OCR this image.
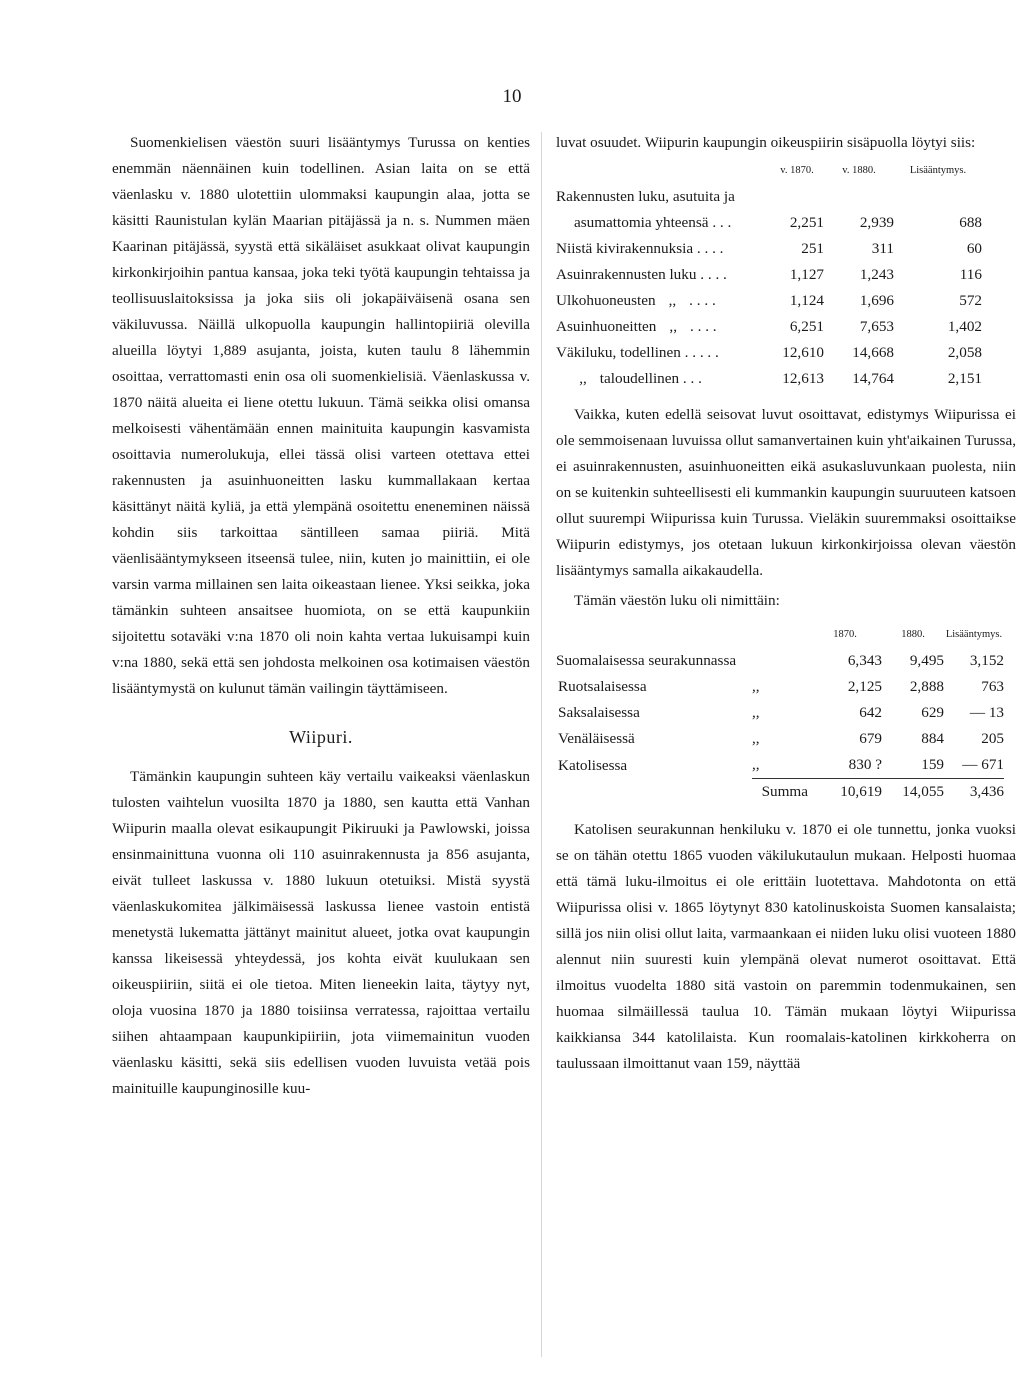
10

Suomenkielisen väestön suuri lisääntymys Turussa on kenties enemmän näennäinen kuin todellinen. Asian laita on se että väenlasku v. 1880 ulotettiin ulommaksi kaupungin alaa, jotta se käsitti Raunistulan kylän Maarian pitäjässä ja n. s. Nummen mäen Kaarinan pitäjässä, syystä että sikäläiset asukkaat olivat kaupungin kirkonkirjoihin pantua kansaa, joka teki työtä kaupungin tehtaissa ja teollisuuslaitoksissa ja joka siis oli jokapäiväisenä osana sen väkiluvussa. Näillä ulkopuolla kaupungin hallintopiiriä olevilla alueilla löytyi 1,889 asujanta, joista, kuten taulu 8 lähemmin osoittaa, verrattomasti enin osa oli suomenkielisiä. Väenlaskussa v. 1870 näitä alueita ei liene otettu lukuun. Tämä seikka olisi omansa melkoisesti vähentämään ennen mainituita kaupungin kasvamista osoittavia numerolukuja, ellei tässä olisi varteen otettava ettei rakennusten ja asuinhuoneitten lasku kummallakaan kertaa käsittänyt näitä kyliä, ja että ylempänä osoitettu eneneminen näissä kohdin siis tarkoittaa säntilleen samaa piiriä. Mitä väenlisääntymykseen itseensä tulee, niin, kuten jo mainittiin, ei ole varsin varma millainen sen laita oikeastaan lienee. Yksi seikka, joka tämänkin suhteen ansaitsee huomiota, on se että kaupunkiin sijoitettu sotaväki v:na 1870 oli noin kahta vertaa lukuisampi kuin v:na 1880, sekä että sen johdosta melkoinen osa kotimaisen väestön lisääntymystä on kulunut tämän vailingin täyttämiseen.

Wiipuri.

Tämänkin kaupungin suhteen käy vertailu vaikeaksi väenlaskun tulosten vaihtelun vuosilta 1870 ja 1880, sen kautta että Vanhan Wiipurin maalla olevat esikaupungit Pikiruuki ja Pawlowski, joissa ensinmainittuna vuonna oli 110 asuinrakennusta ja 856 asujanta, eivät tulleet laskussa v. 1880 lukuun otetuiksi. Mistä syystä väenlaskukomitea jälkimäisessä laskussa lienee vastoin entistä menetystä lukematta jättänyt mainitut alueet, jotka ovat kaupungin kanssa likeisessä yhteydessä, jos kohta eivät kuulukaan sen oikeuspiiriin, siitä ei ole tietoa. Miten lieneekin laita, täytyy nyt, oloja vuosina 1870 ja 1880 toisiinsa verratessa, rajoittaa vertailu siihen ahtaampaan kaupunkipiiriin, jota viimemainitun vuoden väenlasku käsitti, sekä siis edellisen vuoden luvuista vetää pois mainituille kaupunginosille kuu-

luvat osuudet. Wiipurin kaupungin oikeuspiirin sisäpuolla löytyi siis:

	v. 1870.	v. 1880.	Lisääntymys.
Rakennusten luku, asutuita ja			
asumattomia yhteensä . . .	2,251	2,939	688
Niistä kivirakennuksia . . . .	251	311	60
Asuinrakennusten luku . . . .	1,127	1,243	116
Ulkohuoneusten ,, . . . .	1,124	1,696	572
Asuinhuoneitten ,, . . . .	6,251	7,653	1,402
Väkiluku, todellinen . . . . .	12,610	14,668	2,058
,, taloudellinen . . .	12,613	14,764	2,151

Vaikka, kuten edellä seisovat luvut osoittavat, edistymys Wiipurissa ei ole semmoisenaan luvuissa ollut samanvertainen kuin yht'aikainen Turussa, ei asuinrakennusten, asuinhuoneitten eikä asukasluvunkaan puolesta, niin on se kuitenkin suhteellisesti eli kummankin kaupungin suuruuteen katsoen ollut suurempi Wiipurissa kuin Turussa. Vieläkin suuremmaksi osoittaikse Wiipurin edistymys, jos otetaan lukuun kirkonkirjoissa olevan väestön lisääntymys samalla aikakaudella.

Tämän väestön luku oli nimittäin:

		1870.	1880.	Lisääntymys.
Suomalaisessa seurakunnassa		6,343	9,495	3,152
Ruotsalaisessa	,,	2,125	2,888	763
Saksalaisessa	,,	642	629	— 13
Venäläisessä	,,	679	884	205
Katolisessa	,,	830 ?	159	— 671
	Summa	10,619	14,055	3,436

Katolisen seurakunnan henkiluku v. 1870 ei ole tunnettu, jonka vuoksi se on tähän otettu 1865 vuoden väkilukutaulun mukaan. Helposti huomaa että tämä luku-ilmoitus ei ole erittäin luotettava. Mahdotonta on että Wiipurissa olisi v. 1865 löytynyt 830 katolinuskoista Suomen kansalaista; sillä jos niin olisi ollut laita, varmaankaan ei niiden luku olisi vuoteen 1880 alennut niin suuresti kuin ylempänä olevat numerot osoittavat. Että ilmoitus vuodelta 1880 sitä vastoin on paremmin todenmukainen, sen huomaa silmäillessä taulua 10. Tämän mukaan löytyi Wiipurissa kaikkiansa 344 katolilaista. Kun roomalais-katolinen kirkkoherra on taulussaan ilmoittanut vaan 159, näyttää
